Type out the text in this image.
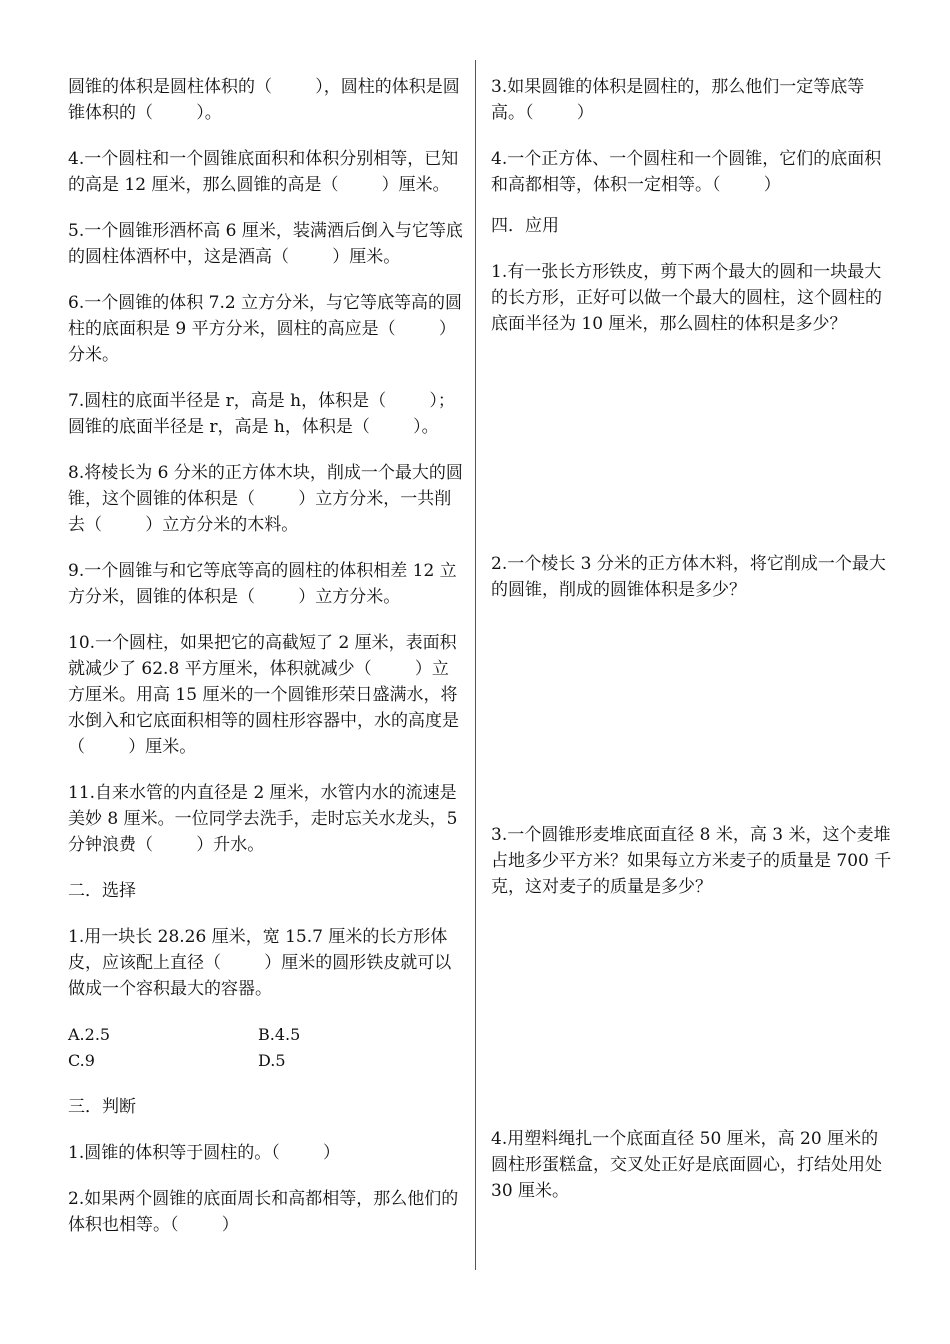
圆锥的体积是圆柱体积的（        ），圆柱的体积是圆锥体积的（        ）。

4.一个圆柱和一个圆锥底面积和体积分别相等，已知的高是 12 厘米，那么圆锥的高是（        ）厘米。

5.一个圆锥形酒杯高 6 厘米，装满酒后倒入与它等底的圆柱体酒杯中，这是酒高（        ）厘米。

6.一个圆锥的体积 7.2 立方分米，与它等底等高的圆柱的底面积是 9 平方分米，圆柱的高应是（        ）分米。

7.圆柱的底面半径是 r，高是 h，体积是（        ）；圆锥的底面半径是 r，高是 h，体积是（        ）。

8.将棱长为 6 分米的正方体木块，削成一个最大的圆锥，这个圆锥的体积是（        ）立方分米，一共削去（        ）立方分米的木料。

9.一个圆锥与和它等底等高的圆柱的体积相差 12 立方分米，圆锥的体积是（        ）立方分米。

10.一个圆柱，如果把它的高截短了 2 厘米，表面积就减少了 62.8 平方厘米，体积就减少（        ）立方厘米。用高 15 厘米的一个圆锥形荣日盛满水，将水倒入和它底面积相等的圆柱形容器中，水的高度是（        ）厘米。

11.自来水管的内直径是 2 厘米，水管内水的流速是美妙 8 厘米。一位同学去洗手，走时忘关水龙头，5 分钟浪费（        ）升水。

二．选择

1.用一块长 28.26 厘米，宽 15.7 厘米的长方形体皮，应该配上直径（        ）厘米的圆形铁皮就可以做成一个容积最大的容器。

A.2.5	B.4.5
C.9	D.5

三．判断

1.圆锥的体积等于圆柱的。（        ）

2.如果两个圆锥的底面周长和高都相等，那么他们的体积也相等。（        ）

3.如果圆锥的体积是圆柱的，那么他们一定等底等高。（        ）

4.一个正方体、一个圆柱和一个圆锥，它们的底面积和高都相等，体积一定相等。（        ）

四．应用

1.有一张长方形铁皮，剪下两个最大的圆和一块最大的长方形，正好可以做一个最大的圆柱，这个圆柱的底面半径为 10 厘米，那么圆柱的体积是多少？

2.一个棱长 3 分米的正方体木料，将它削成一个最大的圆锥，削成的圆锥体积是多少？

3.一个圆锥形麦堆底面直径 8 米，高 3 米，这个麦堆占地多少平方米？如果每立方米麦子的质量是 700 千克，这对麦子的质量是多少？

4.用塑料绳扎一个底面直径 50 厘米，高 20 厘米的圆柱形蛋糕盒，交叉处正好是底面圆心，打结处用处 30 厘米。
